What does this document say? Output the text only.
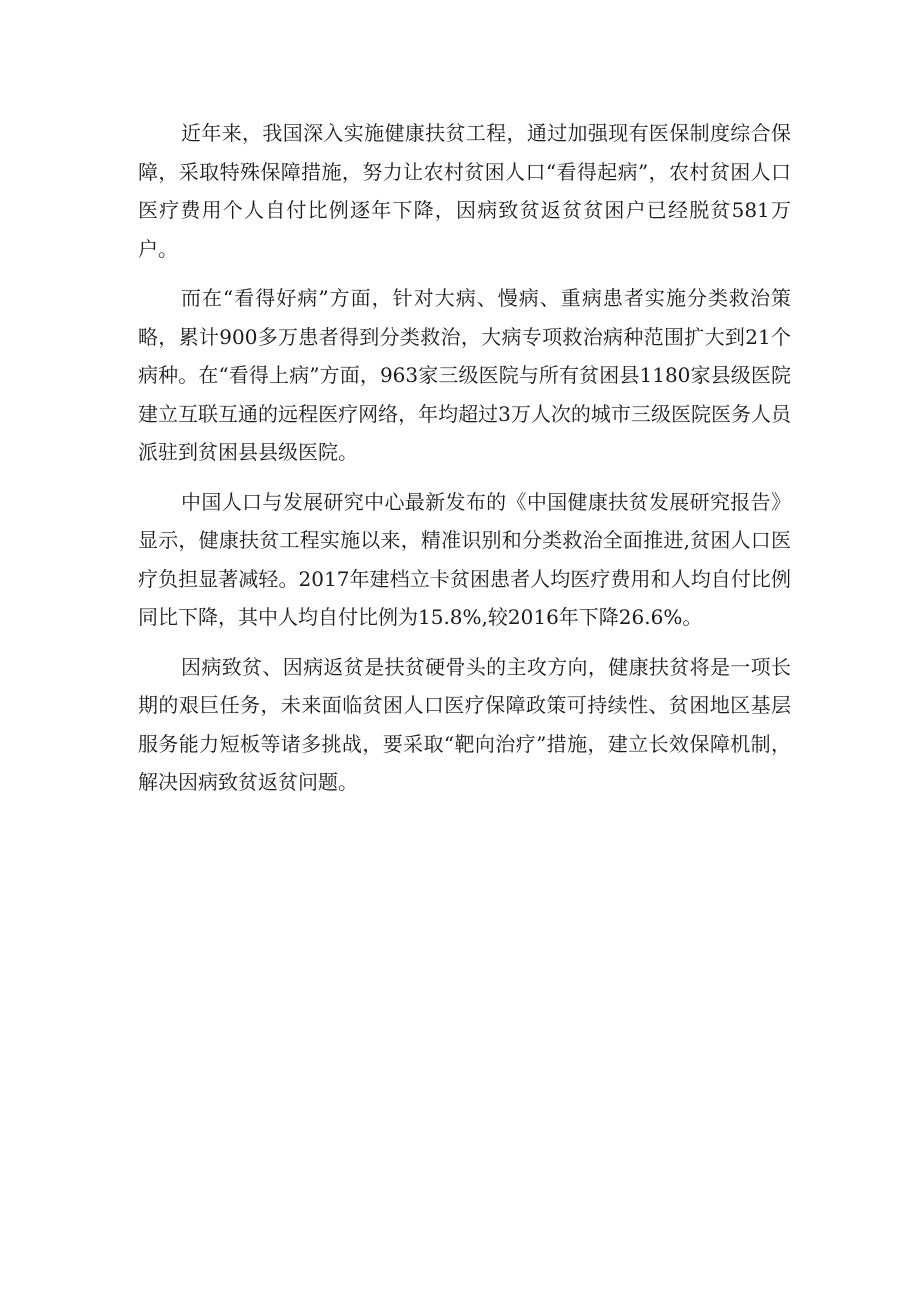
近年来，我国深入实施健康扶贫工程，通过加强现有医保制度综合保障，采取特殊保障措施，努力让农村贫困人口“看得起病”，农村贫困人口医疗费用个人自付比例逐年下降，因病致贫返贫贫困户已经脱贫581万户。

而在“看得好病”方面，针对大病、慢病、重病患者实施分类救治策略，累计900多万患者得到分类救治，大病专项救治病种范围扩大到21个病种。在“看得上病”方面，963家三级医院与所有贫困县1180家县级医院建立互联互通的远程医疗网络，年均超过3万人次的城市三级医院医务人员派驻到贫困县县级医院。

中国人口与发展研究中心最新发布的《中国健康扶贫发展研究报告》显示，健康扶贫工程实施以来，精准识别和分类救治全面推进,贫困人口医疗负担显著减轻。2017年建档立卡贫困患者人均医疗费用和人均自付比例同比下降，其中人均自付比例为15.8%,较2016年下降26.6%。

因病致贫、因病返贫是扶贫硬骨头的主攻方向，健康扶贫将是一项长期的艰巨任务，未来面临贫困人口医疗保障政策可持续性、贫困地区基层服务能力短板等诸多挑战，要采取“靶向治疗”措施，建立长效保障机制，解决因病致贫返贫问题。
